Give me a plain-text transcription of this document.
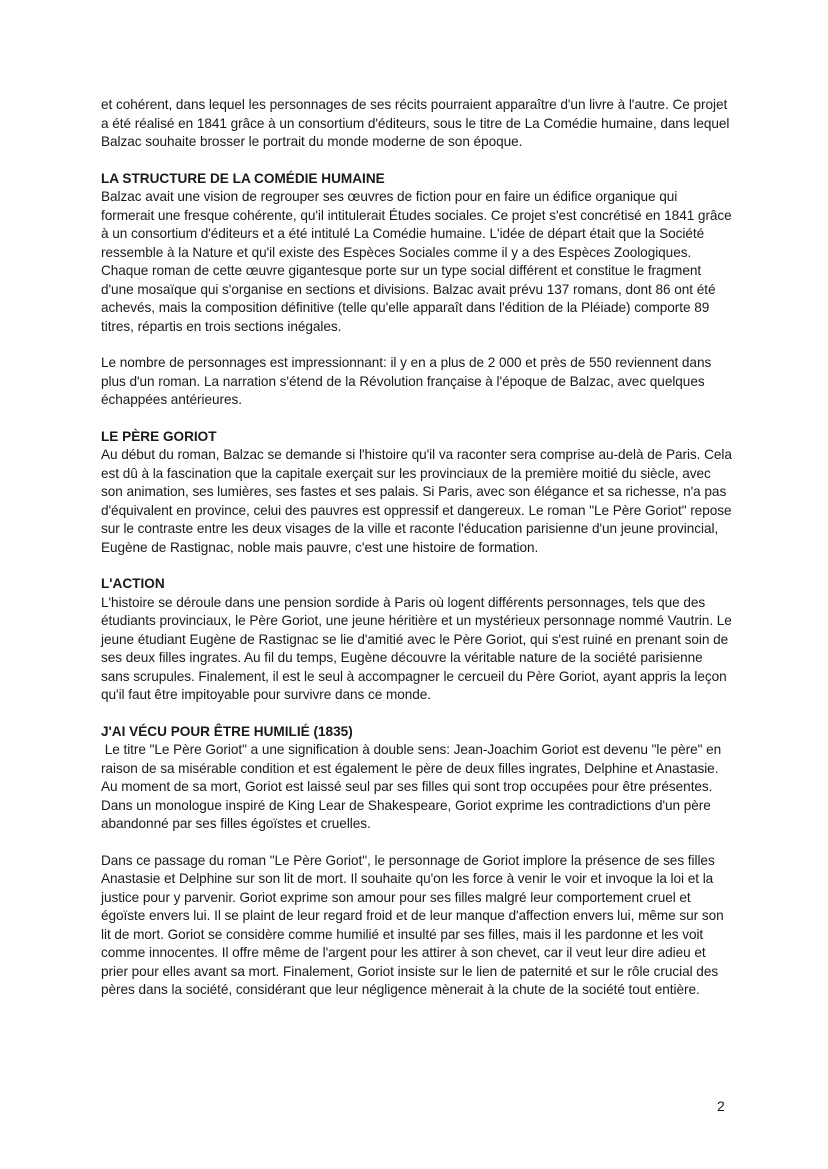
et cohérent, dans lequel les personnages de ses récits pourraient apparaître d'un livre à l'autre. Ce projet a été réalisé en 1841 grâce à un consortium d'éditeurs, sous le titre de La Comédie humaine, dans lequel Balzac souhaite brosser le portrait du monde moderne de son époque.

LA STRUCTURE DE LA COMÉDIE HUMAINE

Balzac avait une vision de regrouper ses œuvres de fiction pour en faire un édifice organique qui formerait une fresque cohérente, qu'il intitulerait Études sociales. Ce projet s'est concrétisé en 1841 grâce à un consortium d'éditeurs et a été intitulé La Comédie humaine. L'idée de départ était que la Société ressemble à la Nature et qu'il existe des Espèces Sociales comme il y a des Espèces Zoologiques. Chaque roman de cette œuvre gigantesque porte sur un type social différent et constitue le fragment d'une mosaïque qui s'organise en sections et divisions. Balzac avait prévu 137 romans, dont 86 ont été achevés, mais la composition définitive (telle qu'elle apparaît dans l'édition de la Pléiade) comporte 89 titres, répartis en trois sections inégales.

Le nombre de personnages est impressionnant: il y en a plus de 2 000 et près de 550 reviennent dans plus d'un roman. La narration s'étend de la Révolution française à l'époque de Balzac, avec quelques échappées antérieures.

LE PÈRE GORIOT

Au début du roman, Balzac se demande si l'histoire qu'il va raconter sera comprise au-delà de Paris. Cela est dû à la fascination que la capitale exerçait sur les provinciaux de la première moitié du siècle, avec son animation, ses lumières, ses fastes et ses palais. Si Paris, avec son élégance et sa richesse, n'a pas d'équivalent en province, celui des pauvres est oppressif et dangereux. Le roman "Le Père Goriot" repose sur le contraste entre les deux visages de la ville et raconte l'éducation parisienne d'un jeune provincial, Eugène de Rastignac, noble mais pauvre, c'est une histoire de formation.

L'ACTION

L'histoire se déroule dans une pension sordide à Paris où logent différents personnages, tels que des étudiants provinciaux, le Père Goriot, une jeune héritière et un mystérieux personnage nommé Vautrin. Le jeune étudiant Eugène de Rastignac se lie d'amitié avec le Père Goriot, qui s'est ruiné en prenant soin de ses deux filles ingrates. Au fil du temps, Eugène découvre la véritable nature de la société parisienne sans scrupules. Finalement, il est le seul à accompagner le cercueil du Père Goriot, ayant appris la leçon qu'il faut être impitoyable pour survivre dans ce monde.

J'AI VÉCU POUR ÊTRE HUMILIÉ (1835)

Le titre "Le Père Goriot" a une signification à double sens: Jean-Joachim Goriot est devenu "le père" en raison de sa misérable condition et est également le père de deux filles ingrates, Delphine et Anastasie. Au moment de sa mort, Goriot est laissé seul par ses filles qui sont trop occupées pour être présentes. Dans un monologue inspiré de King Lear de Shakespeare, Goriot exprime les contradictions d'un père abandonné par ses filles égoïstes et cruelles.

Dans ce passage du roman "Le Père Goriot", le personnage de Goriot implore la présence de ses filles Anastasie et Delphine sur son lit de mort. Il souhaite qu'on les force à venir le voir et invoque la loi et la justice pour y parvenir. Goriot exprime son amour pour ses filles malgré leur comportement cruel et égoïste envers lui. Il se plaint de leur regard froid et de leur manque d'affection envers lui, même sur son lit de mort. Goriot se considère comme humilié et insulté par ses filles, mais il les pardonne et les voit comme innocentes. Il offre même de l'argent pour les attirer à son chevet, car il veut leur dire adieu et prier pour elles avant sa mort. Finalement, Goriot insiste sur le lien de paternité et sur le rôle crucial des pères dans la société, considérant que leur négligence mènerait à la chute de la société tout entière.

2
